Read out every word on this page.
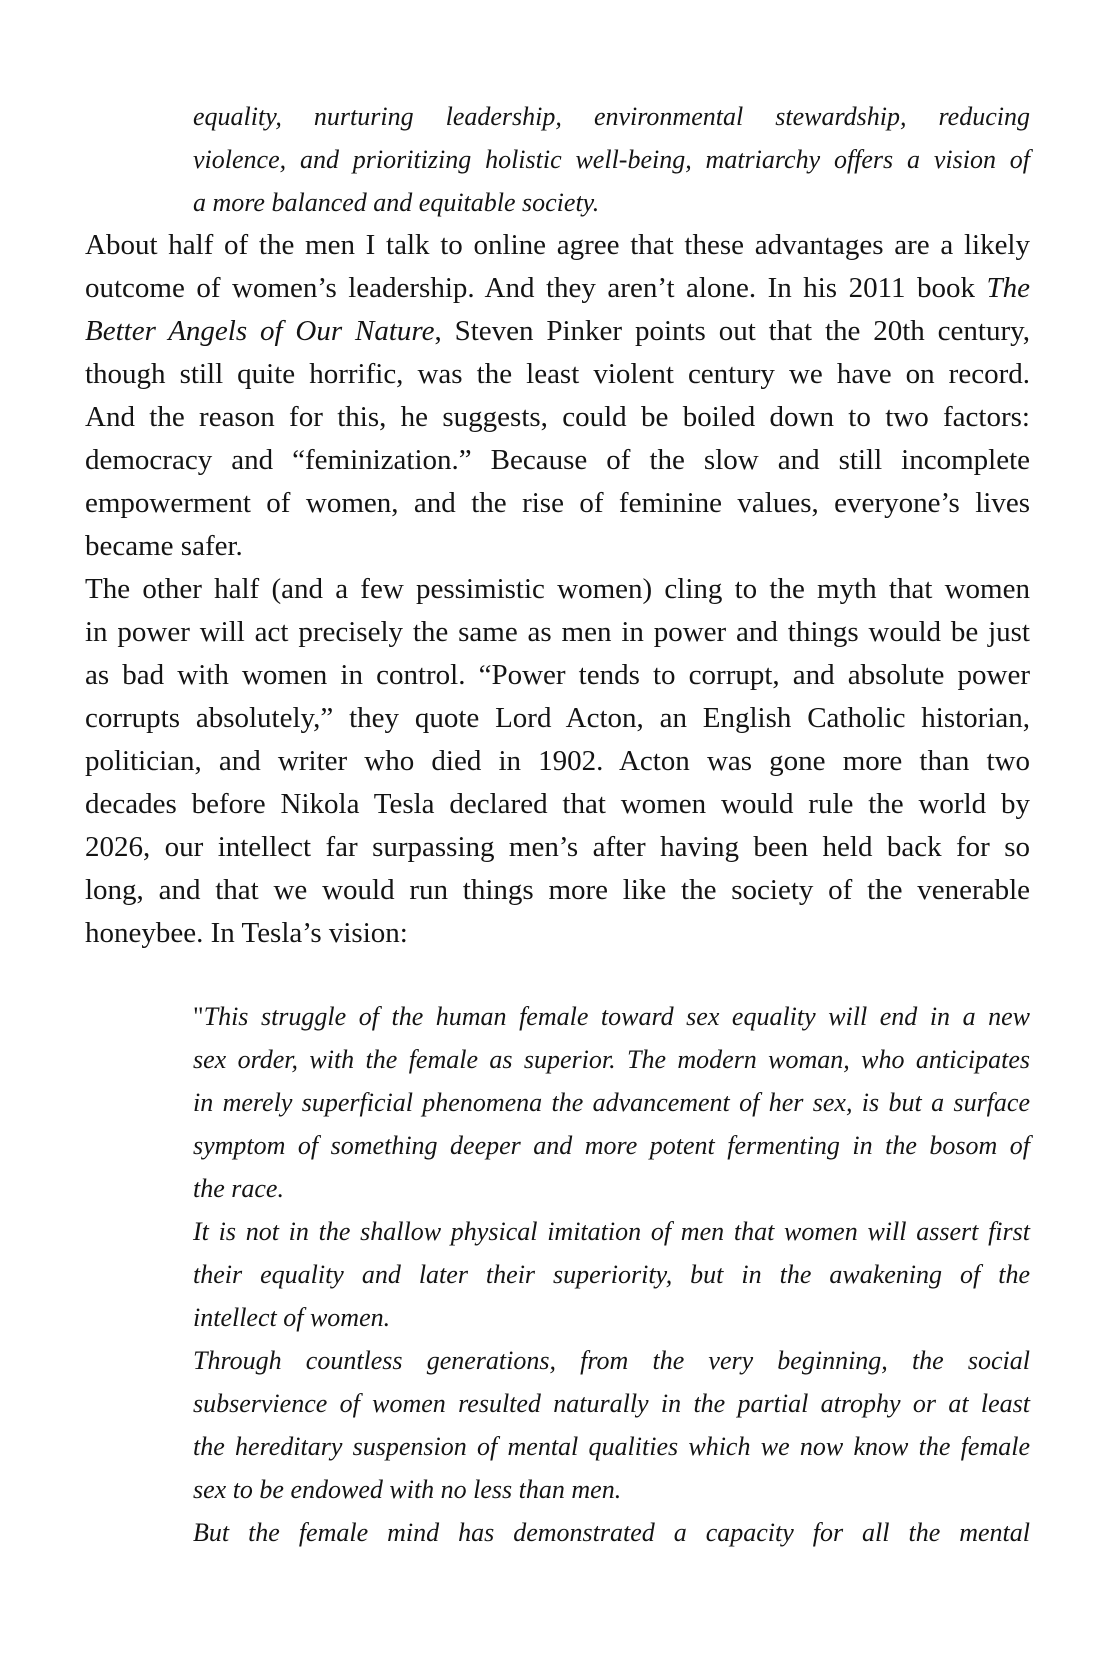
equality, nurturing leadership, environmental stewardship, reducing
violence, and prioritizing holistic well-being, matriarchy offers a vision of
a more balanced and equitable society.
About half of the men I talk to online agree that these advantages are a likely
outcome of women’s leadership. And they aren’t alone. In his 2011 book The
Better Angels of Our Nature, Steven Pinker points out that the 20th century,
though still quite horrific, was the least violent century we have on record.
And the reason for this, he suggests, could be boiled down to two factors:
democracy and “feminization.” Because of the slow and still incomplete
empowerment of women, and the rise of feminine values, everyone’s lives
became safer.
The other half (and a few pessimistic women) cling to the myth that women
in power will act precisely the same as men in power and things would be just
as bad with women in control. “Power tends to corrupt, and absolute power
corrupts absolutely,” they quote Lord Acton, an English Catholic historian,
politician, and writer who died in 1902. Acton was gone more than two
decades before Nikola Tesla declared that women would rule the world by
2026, our intellect far surpassing men’s after having been held back for so
long, and that we would run things more like the society of the venerable
honeybee. In Tesla’s vision:
"This struggle of the human female toward sex equality will end in a new
sex order, with the female as superior. The modern woman, who anticipates
in merely superficial phenomena the advancement of her sex, is but a surface
symptom of something deeper and more potent fermenting in the bosom of
the race.
It is not in the shallow physical imitation of men that women will assert first
their equality and later their superiority, but in the awakening of the
intellect of women.
Through countless generations, from the very beginning, the social
subservience of women resulted naturally in the partial atrophy or at least
the hereditary suspension of mental qualities which we now know the female
sex to be endowed with no less than men.
But the female mind has demonstrated a capacity for all the mental
